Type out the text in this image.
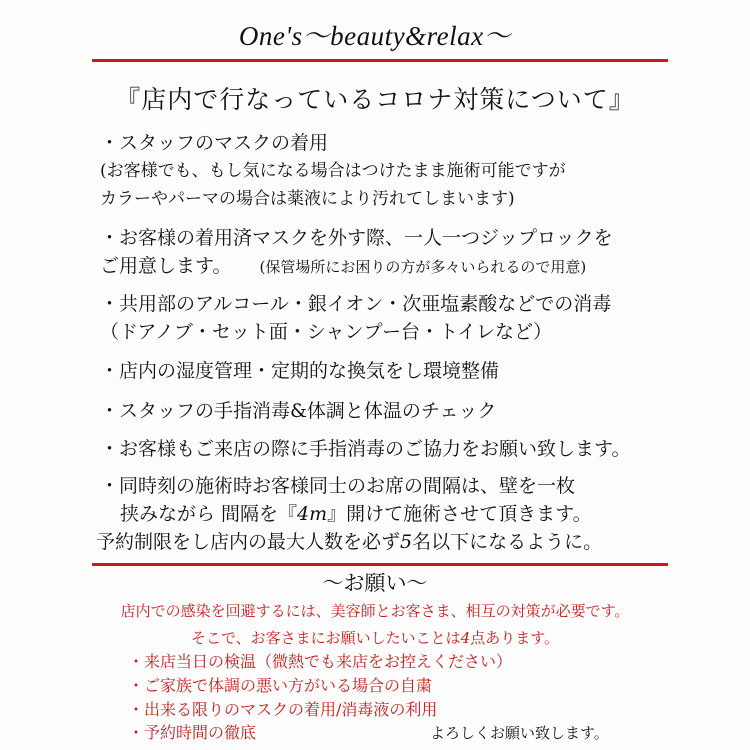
One's〜beauty&relax〜
『店内で行なっているコロナ対策について』
・スタッフのマスクの着用
(お客様でも、もし気になる場合はつけたまま施術可能ですが
カラーやパーマの場合は薬液により汚れてしまいます)
・お客様の着用済マスクを外す際、一人一つジップロックを
ご用意します。 (保管場所にお困りの方が多々いられるので用意)
・共用部のアルコール・銀イオン・次亜塩素酸などでの消毒
（ドアノブ・セット面・シャンプー台・トイレなど）
・店内の湿度管理・定期的な換気をし環境整備
・スタッフの手指消毒&体調と体温のチェック
・お客様もご来店の際に手指消毒のご協力をお願い致します。
・同時刻の施術時お客様同士のお席の間隔は、壁を一枚
挟みながら 間隔を『4m』開けて施術させて頂きます。
予約制限をし店内の最大人数を必ず5名以下になるように。
〜お願い〜
店内での感染を回避するには、美容師とお客さま、相互の対策が必要です。
そこで、お客さまにお願いしたいことは4点あります。
・来店当日の検温（微熱でも来店をお控えください）
・ご家族で体調の悪い方がいる場合の自粛
・出来る限りのマスクの着用/消毒液の利用
・予約時間の徹底	よろしくお願い致します。
